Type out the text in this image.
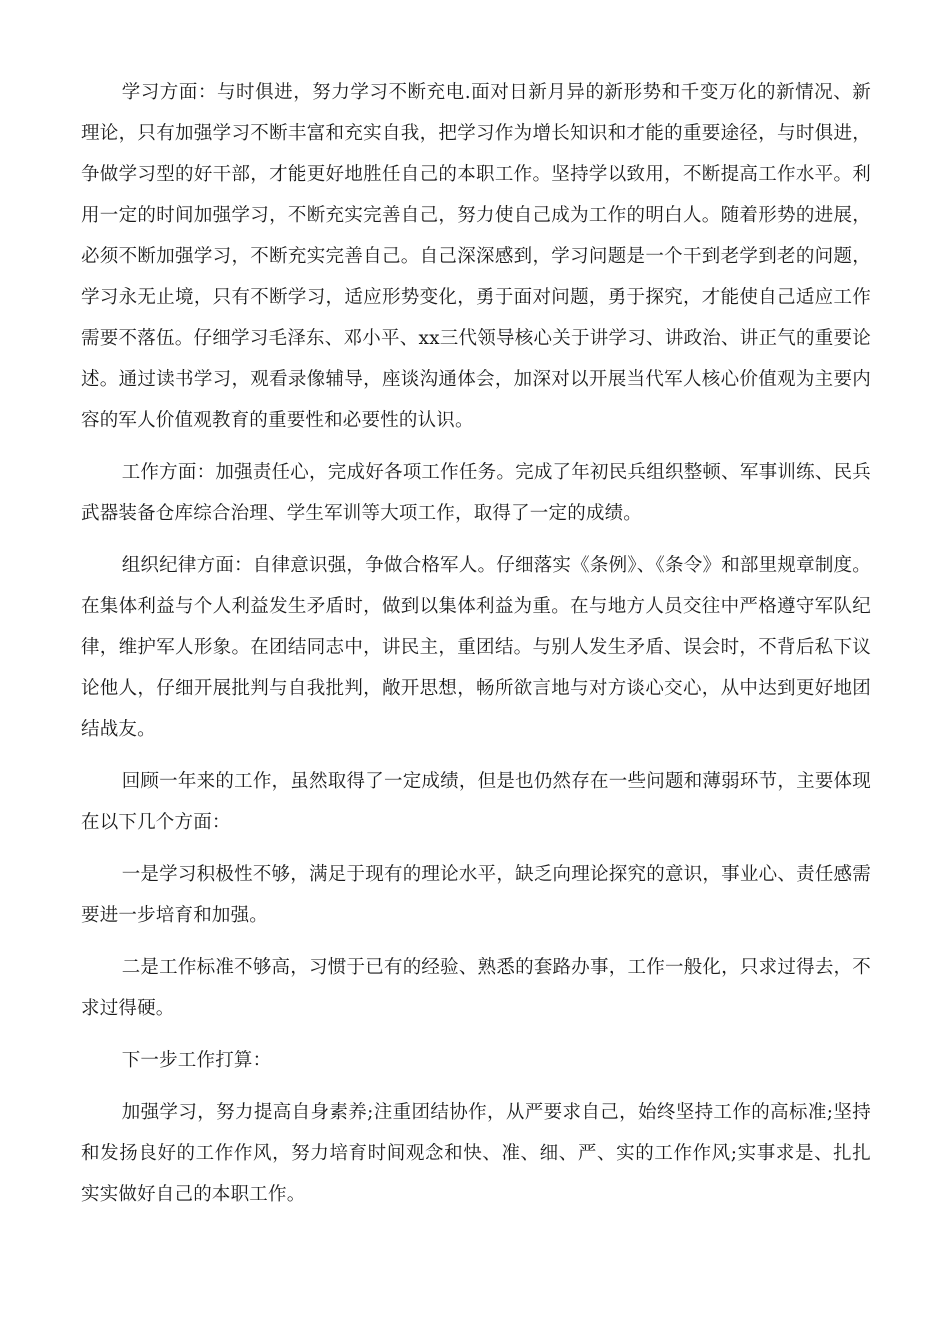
学习方面：与时俱进，努力学习不断充电.面对日新月异的新形势和千变万化的新情况、新理论，只有加强学习不断丰富和充实自我，把学习作为增长知识和才能的重要途径，与时俱进，争做学习型的好干部，才能更好地胜任自己的本职工作。坚持学以致用，不断提高工作水平。利用一定的时间加强学习，不断充实完善自己，努力使自己成为工作的明白人。随着形势的进展，必须不断加强学习，不断充实完善自己。自己深深感到，学习问题是一个干到老学到老的问题，学习永无止境，只有不断学习，适应形势变化，勇于面对问题，勇于探究，才能使自己适应工作需要不落伍。仔细学习毛泽东、邓小平、xx三代领导核心关于讲学习、讲政治、讲正气的重要论述。通过读书学习，观看录像辅导，座谈沟通体会，加深对以开展当代军人核心价值观为主要内容的军人价值观教育的重要性和必要性的认识。

工作方面：加强责任心，完成好各项工作任务。完成了年初民兵组织整顿、军事训练、民兵武器装备仓库综合治理、学生军训等大项工作，取得了一定的成绩。

组织纪律方面：自律意识强，争做合格军人。仔细落实《条例》、《条令》和部里规章制度。在集体利益与个人利益发生矛盾时，做到以集体利益为重。在与地方人员交往中严格遵守军队纪律，维护军人形象。在团结同志中，讲民主，重团结。与别人发生矛盾、误会时，不背后私下议论他人，仔细开展批判与自我批判，敞开思想，畅所欲言地与对方谈心交心，从中达到更好地团结战友。

回顾一年来的工作，虽然取得了一定成绩，但是也仍然存在一些问题和薄弱环节，主要体现在以下几个方面：

一是学习积极性不够，满足于现有的理论水平，缺乏向理论探究的意识，事业心、责任感需要进一步培育和加强。

二是工作标准不够高，习惯于已有的经验、熟悉的套路办事，工作一般化，只求过得去，不求过得硬。

下一步工作打算：

加强学习，努力提高自身素养;注重团结协作，从严要求自己，始终坚持工作的高标准;坚持和发扬良好的工作作风，努力培育时间观念和快、准、细、严、实的工作作风;实事求是、扎扎实实做好自己的本职工作。
